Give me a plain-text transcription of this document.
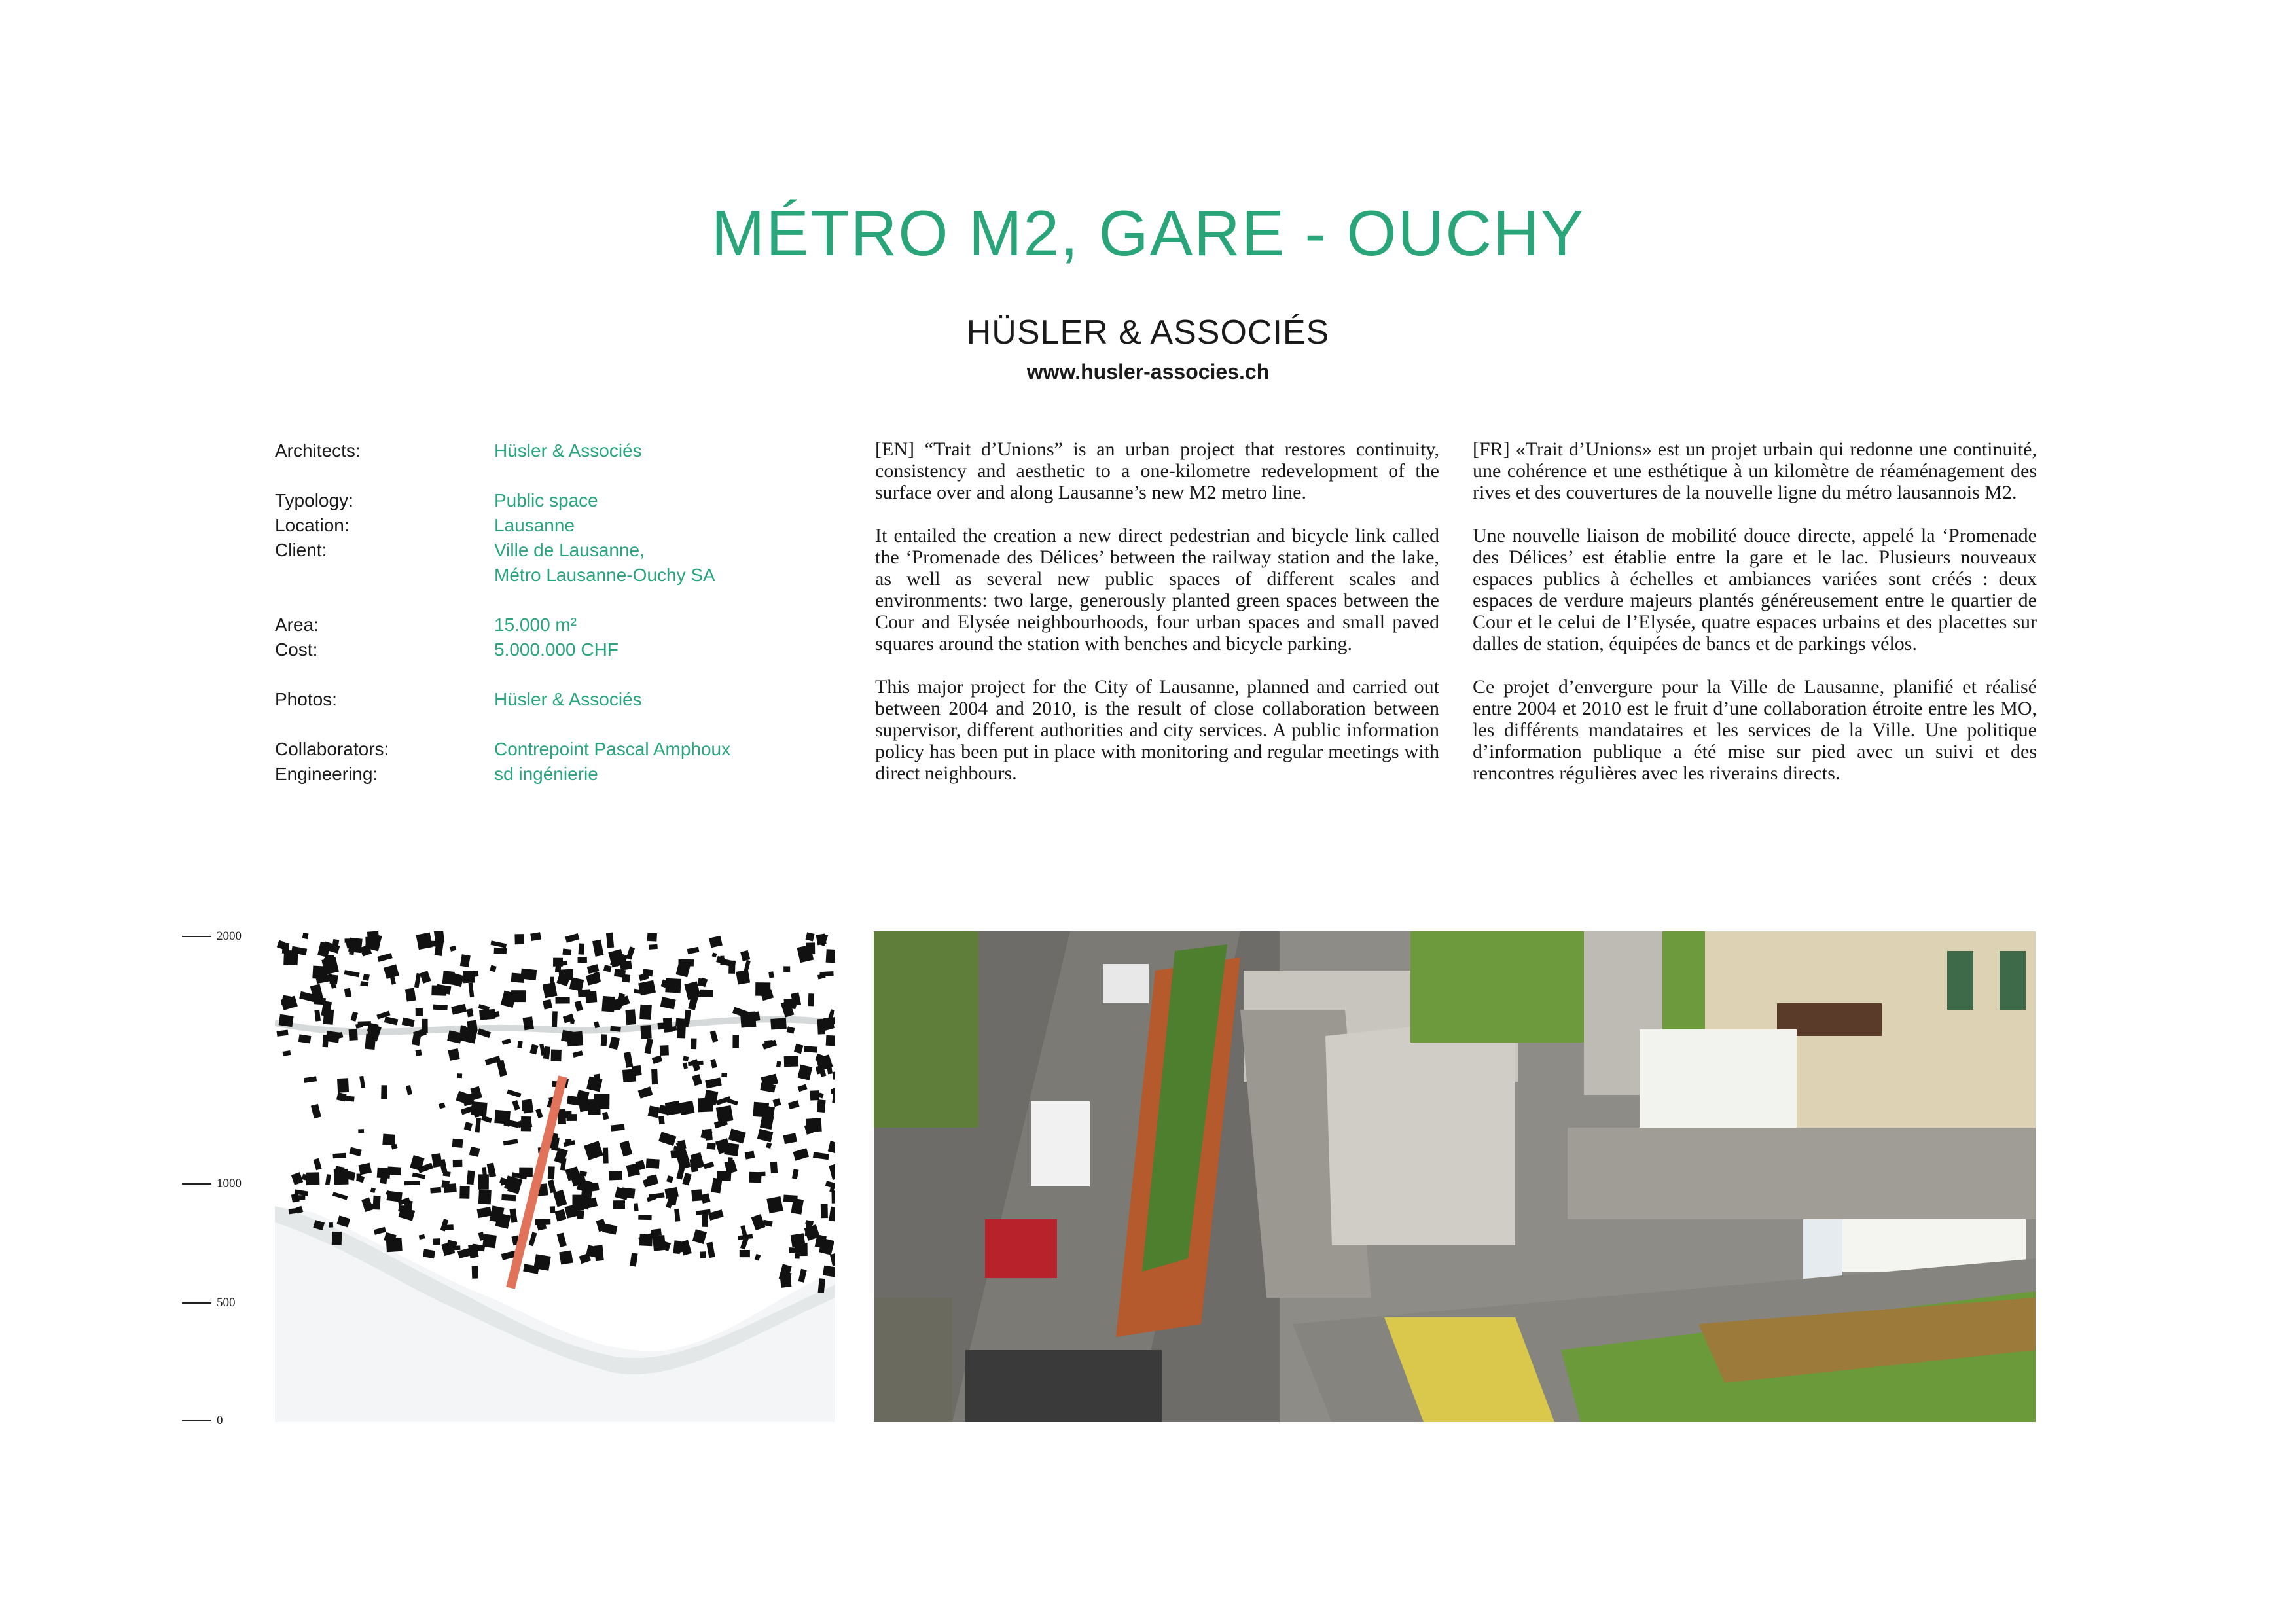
MÉTRO M2, GARE - OUCHY
HÜSLER & ASSOCIÉS
www.husler-associes.ch
Architects:	Hüsler & Associés
Typology:	Public space
Location:	Lausanne
Client:	Ville de Lausanne,
Métro Lausanne-Ouchy SA
Area:	15.000 m²
Cost:	5.000.000 CHF
Photos:	Hüsler & Associés
Collaborators:	Contrepoint Pascal Amphoux
Engineering:	sd ingénierie

[EN] “Trait d’Unions” is an urban project that restores continuity, consistency and aesthetic to a one-kilometre redevelopment of the surface over and along Lausanne’s new M2 metro line.

It entailed the creation a new direct pedestrian and bicycle link called the ‘Promenade des Délices’ between the railway station and the lake, as well as several new public spaces of different scales and environments: two large, generously planted green spaces between the Cour and Elysée neighbourhoods, four urban spaces and small paved squares around the station with benches and bicycle parking.

This major project for the City of Lausanne, planned and carried out between 2004 and 2010, is the result of close collaboration between supervisor, different authorities and city services. A public information policy has been put in place with monitoring and regular meetings with direct neighbours.

[FR] «Trait d’Unions» est un projet urbain qui redonne une continuité, une cohérence et une esthétique à un kilomètre de réaménagement des rives et des couvertures de la nouvelle ligne du métro lausannois M2.

Une nouvelle liaison de mobilité douce directe, appelé la ‘Promenade des Délices’ est établie entre la gare et le lac. Plusieurs nouveaux espaces publics à échelles et ambiances variées sont créés : deux espaces de verdure majeurs plantés généreusement entre le quartier de Cour et le celui de l’Elysée, quatre espaces urbains et des placettes sur dalles de station, équipées de bancs et de parkings vélos.

Ce projet d’envergure pour la Ville de Lausanne, planifié et réalisé entre 2004 et 2010 est le fruit d’une collaboration étroite entre les MO, les différents mandataires et les services de la Ville. Une politique d’information publique a été mise sur pied avec un suivi et des rencontres régulières avec les riverains directs.

2000
1000
500
0
